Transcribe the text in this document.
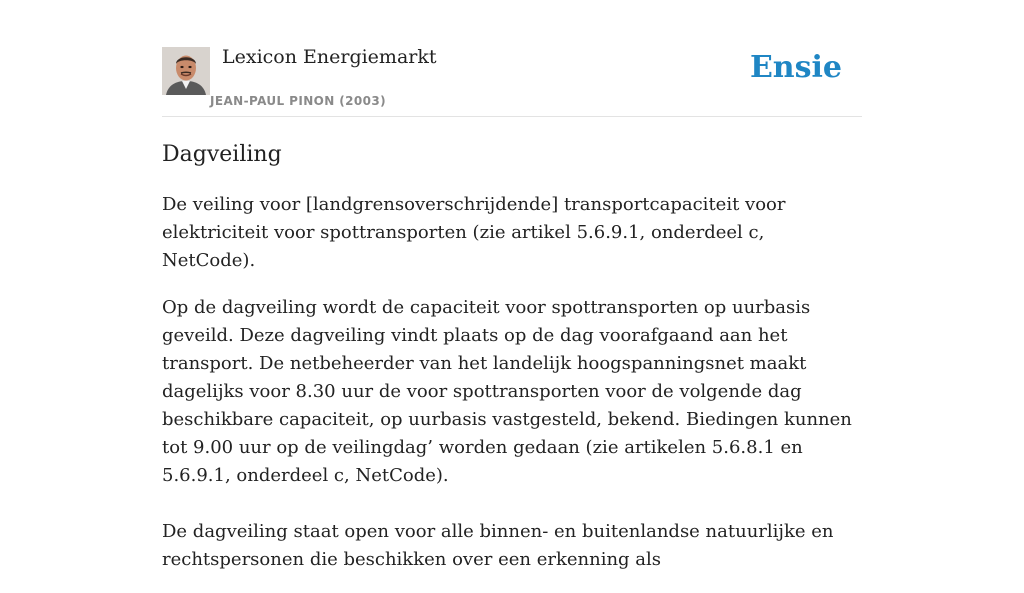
Lexicon Energiemarkt
JEAN-PAUL PINON (2003)
Ensie
Dagveiling

De veiling voor [landgrensoverschrijdende] transportcapaciteit voor elektriciteit voor spottransporten (zie artikel 5.6.9.1, onderdeel c, NetCode).

Op de dagveiling wordt de capaciteit voor spottransporten op uurbasis geveild. Deze dagveiling vindt plaats op de dag voorafgaand aan het transport. De netbeheerder van het landelijk hoogspanningsnet maakt dagelijks voor 8.30 uur de voor spottransporten voor de volgende dag beschikbare capaciteit, op uurbasis vastgesteld, bekend. Biedingen kunnen tot 9.00 uur op de veilingdag’ worden gedaan (zie artikelen 5.6.8.1 en 5.6.9.1, onderdeel c, NetCode).

De dagveiling staat open voor alle binnen- en buitenlandse natuurlijke en rechtspersonen die beschikken over een erkenning als
